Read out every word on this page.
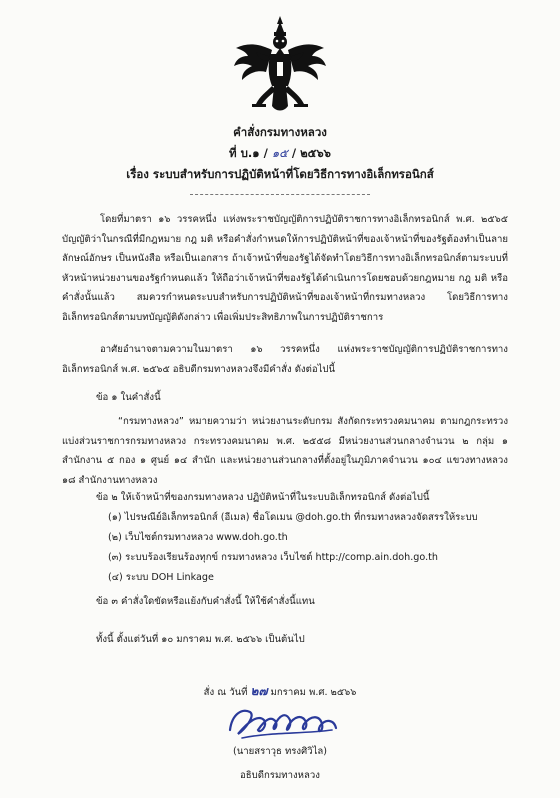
คำสั่งกรมทางหลวง
ที่ บ.๑ / ๑๕ / ๒๕๖๖
เรื่อง ระบบสำหรับการปฏิบัติหน้าที่โดยวิธีการทางอิเล็กทรอนิกส์
โดยที่มาตรา ๑๖ วรรคหนึ่ง แห่งพระราชบัญญัติการปฏิบัติราชการทางอิเล็กทรอนิกส์ พ.ศ. ๒๕๖๕ บัญญัติว่าในกรณีที่มีกฎหมาย กฎ มติ หรือคำสั่งกำหนดให้การปฏิบัติหน้าที่ของเจ้าหน้าที่ของรัฐต้องทำเป็นลายลักษณ์อักษร เป็นหนังสือ หรือเป็นเอกสาร ถ้าเจ้าหน้าที่ของรัฐได้จัดทำโดยวิธีการทางอิเล็กทรอนิกส์ตามระบบที่หัวหน้าหน่วยงานของรัฐกำหนดแล้ว ให้ถือว่าเจ้าหน้าที่ของรัฐได้ดำเนินการโดยชอบด้วยกฎหมาย กฎ มติ หรือคำสั่งนั้นแล้ว สมควรกำหนดระบบสำหรับการปฏิบัติหน้าที่ของเจ้าหน้าที่กรมทางหลวง โดยวิธีการทางอิเล็กทรอนิกส์ตามบทบัญญัติดังกล่าว เพื่อเพิ่มประสิทธิภาพในการปฏิบัติราชการ
อาศัยอำนาจตามความในมาตรา ๑๖ วรรคหนึ่ง แห่งพระราชบัญญัติการปฏิบัติราชการทางอิเล็กทรอนิกส์ พ.ศ. ๒๕๖๕ อธิบดีกรมทางหลวงจึงมีคำสั่ง ดังต่อไปนี้
ข้อ ๑ ในคำสั่งนี้
“กรมทางหลวง” หมายความว่า หน่วยงานระดับกรม สังกัดกระทรวงคมนาคม ตามกฎกระทรวงแบ่งส่วนราชการกรมทางหลวง กระทรวงคมนาคม พ.ศ. ๒๕๕๘ มีหน่วยงานส่วนกลางจำนวน ๒ กลุ่ม ๑ สำนักงาน ๕ กอง ๑ ศูนย์ ๑๔ สำนัก และหน่วยงานส่วนกลางที่ตั้งอยู่ในภูมิภาคจำนวน ๑๐๔ แขวงทางหลวง ๑๘ สำนักงานทางหลวง
ข้อ ๒ ให้เจ้าหน้าที่ของกรมทางหลวง ปฏิบัติหน้าที่ในระบบอิเล็กทรอนิกส์ ดังต่อไปนี้
(๑) ไปรษณีย์อิเล็กทรอนิกส์ (อีเมล) ชื่อโดเมน @doh.go.th ที่กรมทางหลวงจัดสรรให้ระบบ
(๒) เว็บไซต์กรมทางหลวง www.doh.go.th
(๓) ระบบร้องเรียนร้องทุกข์ กรมทางหลวง เว็บไซต์ http://comp.ain.doh.go.th
(๔) ระบบ DOH Linkage
ข้อ ๓ คำสั่งใดขัดหรือแย้งกับคำสั่งนี้ ให้ใช้คำสั่งนี้แทน
ทั้งนี้ ตั้งแต่วันที่ ๑๐ มกราคม พ.ศ. ๒๕๖๖ เป็นต้นไป
สั่ง ณ วันที่ ๒๗ มกราคม พ.ศ. ๒๕๖๖
(นายสราวุธ ทรงศิวิไล)
อธิบดีกรมทางหลวง
